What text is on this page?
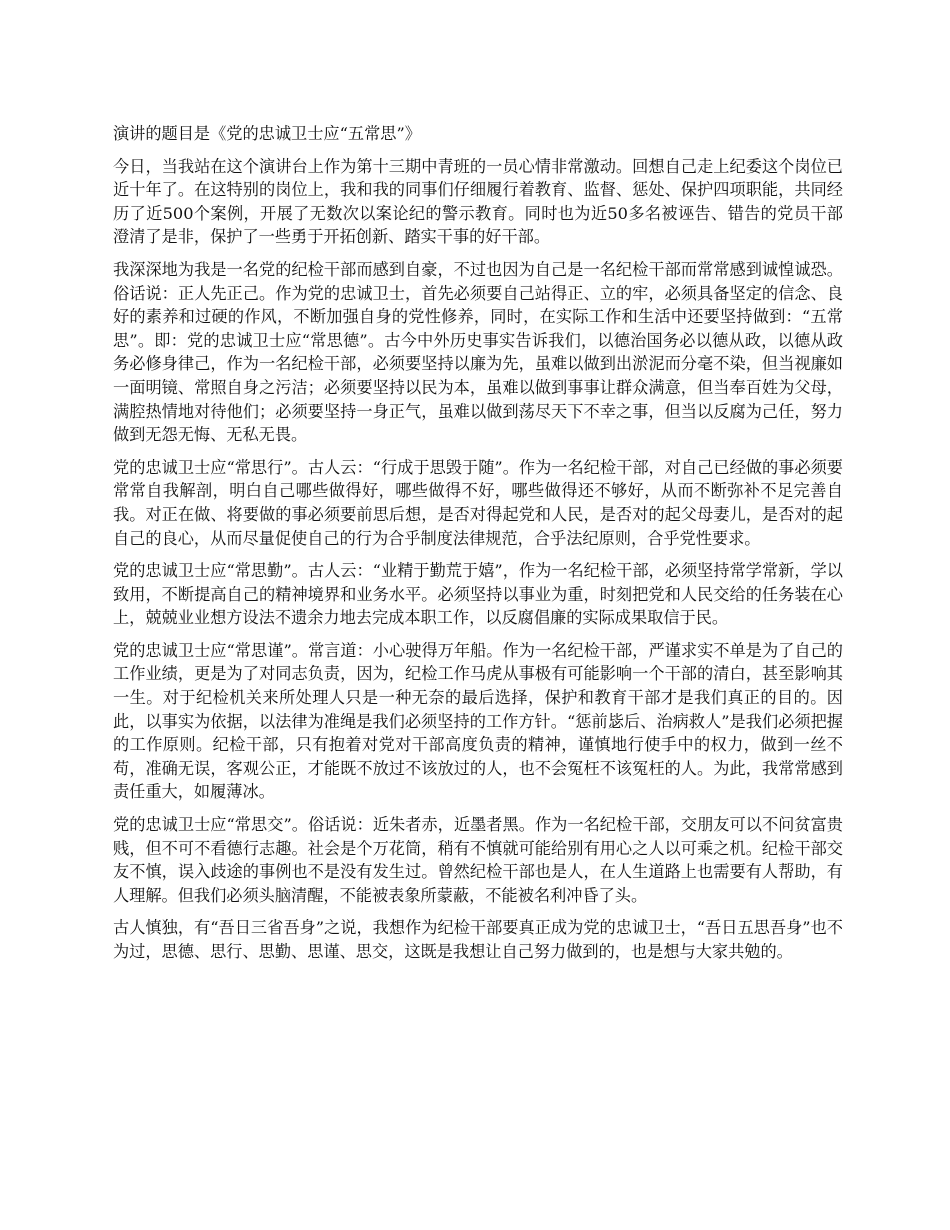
演讲的题目是《党的忠诚卫士应“五常思”》

今日，当我站在这个演讲台上作为第十三期中青班的一员心情非常激动。回想自己走上纪委这个岗位已近十年了。在这特别的岗位上，我和我的同事们仔细履行着教育、监督、惩处、保护四项职能，共同经历了近500个案例，开展了无数次以案论纪的警示教育。同时也为近50多名被诬告、错告的党员干部澄清了是非，保护了一些勇于开拓创新、踏实干事的好干部。

我深深地为我是一名党的纪检干部而感到自豪，不过也因为自己是一名纪检干部而常常感到诚惶诚恐。俗话说：正人先正己。作为党的忠诚卫士，首先必须要自己站得正、立的牢，必须具备坚定的信念、良好的素养和过硬的作风，不断加强自身的党性修养，同时，在实际工作和生活中还要坚持做到：“五常思”。即：党的忠诚卫士应“常思德”。古今中外历史事实告诉我们，以德治国务必以德从政，以德从政务必修身律己，作为一名纪检干部，必须要坚持以廉为先，虽难以做到出淤泥而分毫不染，但当视廉如一面明镜、常照自身之污洁；必须要坚持以民为本，虽难以做到事事让群众满意，但当奉百姓为父母，满腔热情地对待他们；必须要坚持一身正气，虽难以做到荡尽天下不幸之事，但当以反腐为己任，努力做到无怨无悔、无私无畏。

党的忠诚卫士应“常思行”。古人云：“行成于思毁于随”。作为一名纪检干部，对自己已经做的事必须要常常自我解剖，明白自己哪些做得好，哪些做得不好，哪些做得还不够好，从而不断弥补不足完善自我。对正在做、将要做的事必须要前思后想，是否对得起党和人民，是否对的起父母妻儿，是否对的起自己的良心，从而尽量促使自己的行为合乎制度法律规范，合乎法纪原则，合乎党性要求。

党的忠诚卫士应“常思勤”。古人云：“业精于勤荒于嬉”，作为一名纪检干部，必须坚持常学常新，学以致用，不断提高自己的精神境界和业务水平。必须坚持以事业为重，时刻把党和人民交给的任务装在心上，兢兢业业想方设法不遗余力地去完成本职工作，以反腐倡廉的实际成果取信于民。

党的忠诚卫士应“常思谨”。常言道：小心驶得万年船。作为一名纪检干部，严谨求实不单是为了自己的工作业绩，更是为了对同志负责，因为，纪检工作马虎从事极有可能影响一个干部的清白，甚至影响其一生。对于纪检机关来所处理人只是一种无奈的最后选择，保护和教育干部才是我们真正的目的。因此，以事实为依据，以法律为准绳是我们必须坚持的工作方针。“惩前毖后、治病救人”是我们必须把握的工作原则。纪检干部，只有抱着对党对干部高度负责的精神，谨慎地行使手中的权力，做到一丝不苟，准确无误，客观公正，才能既不放过不该放过的人，也不会冤枉不该冤枉的人。为此，我常常感到责任重大，如履薄冰。

党的忠诚卫士应“常思交”。俗话说：近朱者赤，近墨者黑。作为一名纪检干部，交朋友可以不问贫富贵贱，但不可不看德行志趣。社会是个万花筒，稍有不慎就可能给别有用心之人以可乘之机。纪检干部交友不慎，误入歧途的事例也不是没有发生过。曾然纪检干部也是人，在人生道路上也需要有人帮助，有人理解。但我们必须头脑清醒，不能被表象所蒙蔽，不能被名利冲昏了头。

古人慎独，有“吾日三省吾身”之说，我想作为纪检干部要真正成为党的忠诚卫士，“吾日五思吾身”也不为过，思德、思行、思勤、思谨、思交，这既是我想让自己努力做到的，也是想与大家共勉的。
